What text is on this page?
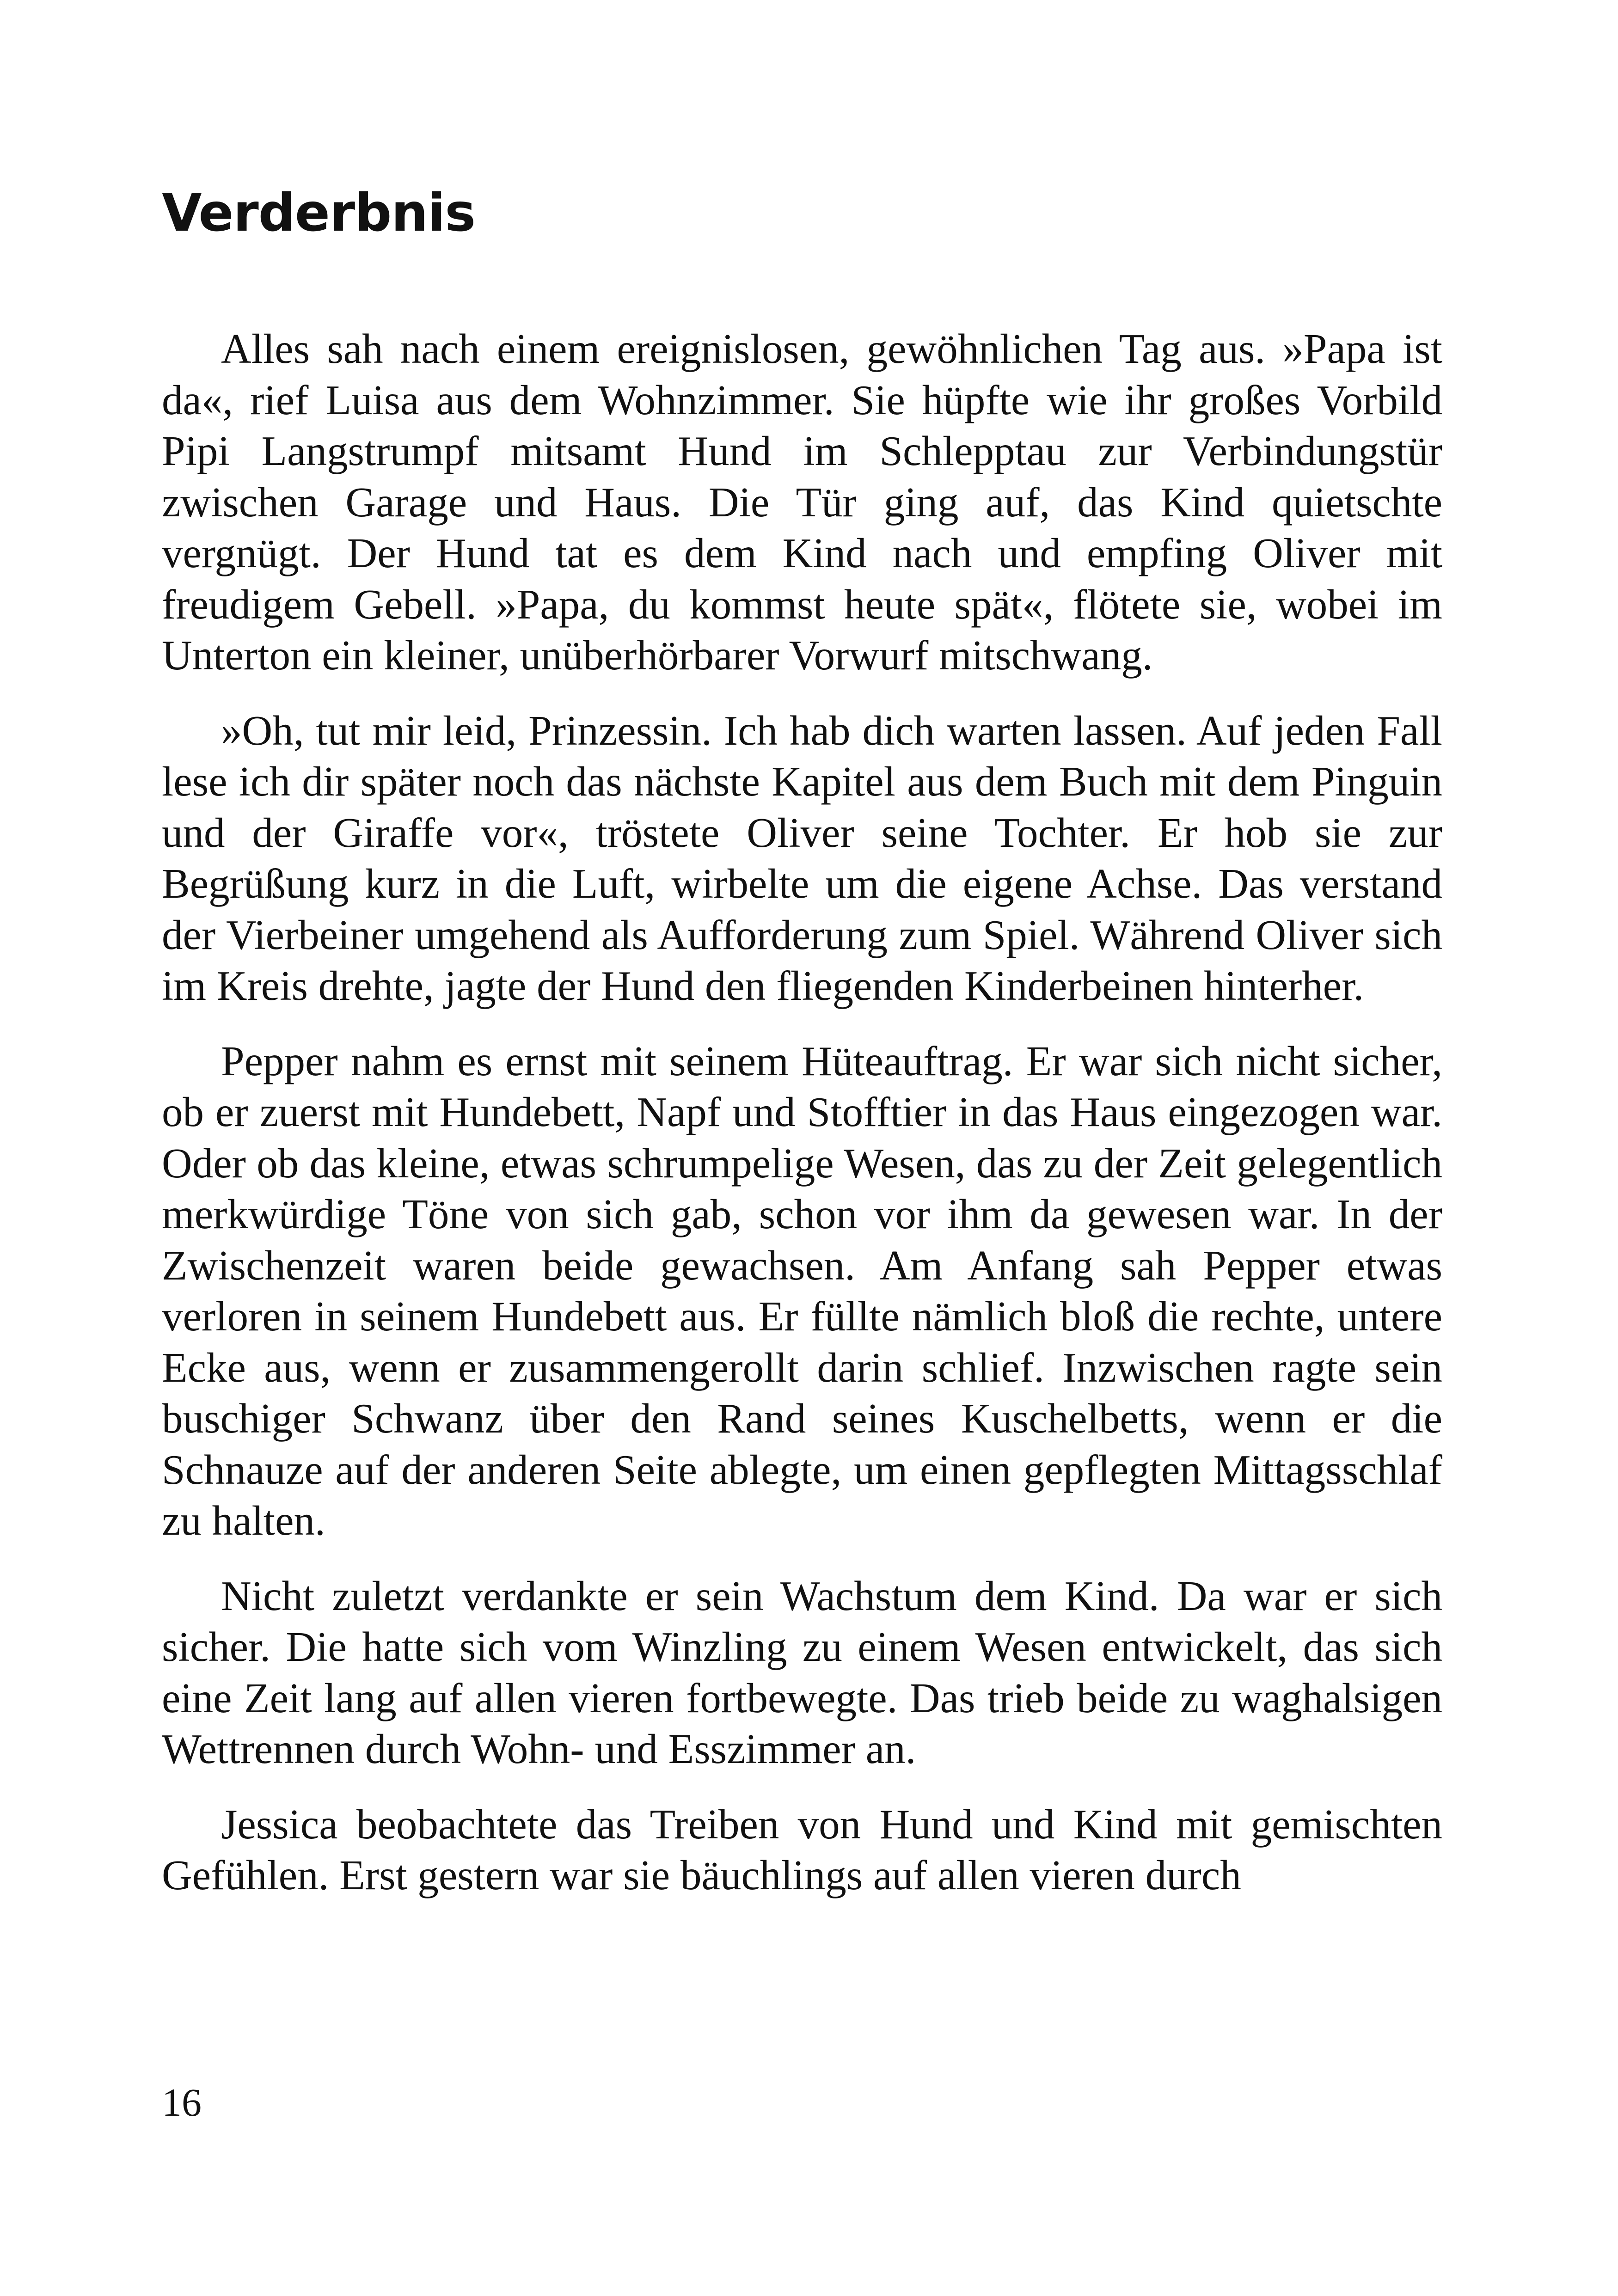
Verderbnis

Alles sah nach einem ereignislosen, gewöhnlichen Tag aus. »Papa ist da«, rief Luisa aus dem Wohnzimmer. Sie hüpfte wie ihr großes Vorbild Pipi Langstrumpf mitsamt Hund im Schlepptau zur Verbindungstür zwischen Garage und Haus. Die Tür ging auf, das Kind quietschte vergnügt. Der Hund tat es dem Kind nach und empfing Oliver mit freudigem Gebell. »Papa, du kommst heute spät«, flötete sie, wobei im Unterton ein kleiner, unüberhörbarer Vorwurf mitschwang.

»Oh, tut mir leid, Prinzessin. Ich hab dich warten lassen. Auf jeden Fall lese ich dir später noch das nächste Kapitel aus dem Buch mit dem Pinguin und der Giraffe vor«, tröstete Oliver seine Tochter. Er hob sie zur Begrüßung kurz in die Luft, wirbelte um die eigene Achse. Das verstand der Vierbeiner umgehend als Aufforderung zum Spiel. Während Oliver sich im Kreis drehte, jagte der Hund den fliegenden Kinderbeinen hinterher.

Pepper nahm es ernst mit seinem Hüteauftrag. Er war sich nicht sicher, ob er zuerst mit Hundebett, Napf und Stofftier in das Haus eingezogen war. Oder ob das kleine, etwas schrumpelige Wesen, das zu der Zeit gelegentlich merkwürdige Töne von sich gab, schon vor ihm da gewesen war. In der Zwischenzeit waren beide gewachsen. Am Anfang sah Pepper etwas verloren in seinem Hundebett aus. Er füllte nämlich bloß die rechte, untere Ecke aus, wenn er zusammengerollt darin schlief. Inzwischen ragte sein buschiger Schwanz über den Rand seines Kuschelbetts, wenn er die Schnauze auf der anderen Seite ablegte, um einen gepflegten Mittagsschlaf zu halten.

Nicht zuletzt verdankte er sein Wachstum dem Kind. Da war er sich sicher. Die hatte sich vom Winzling zu einem Wesen entwickelt, das sich eine Zeit lang auf allen vieren fortbewegte. Das trieb beide zu waghalsigen Wettrennen durch Wohn- und Esszimmer an.

Jessica beobachtete das Treiben von Hund und Kind mit gemischten Gefühlen. Erst gestern war sie bäuchlings auf allen vieren durch

16
